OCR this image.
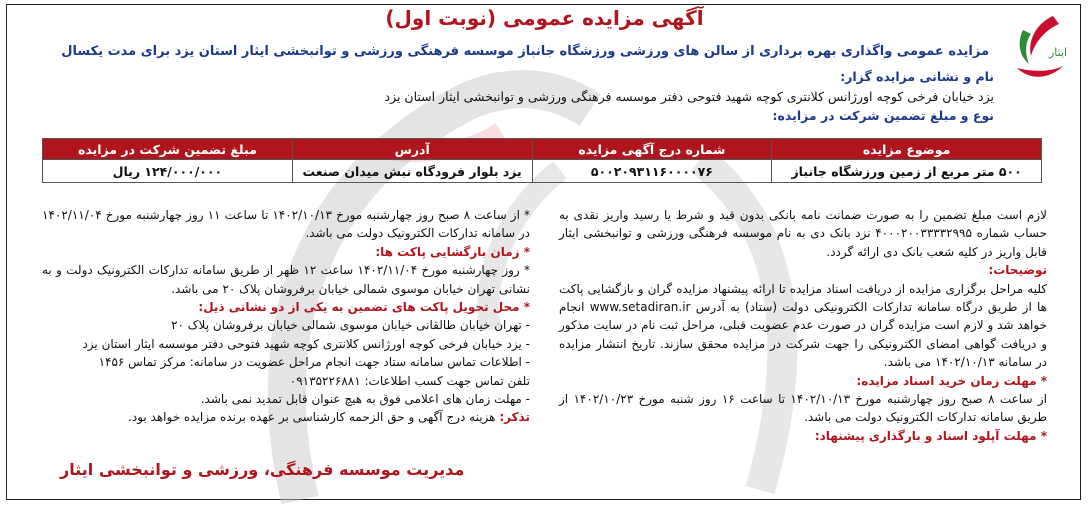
ایثار
آگهی مزایده عمومی (نوبت اول)
مزایده عمومی واگذاری بهره برداری از سالن های ورزشی ورزشگاه جانباز موسسه فرهنگی ورزشی و توانبخشی ایثار استان یزد برای مدت یکسال
نام و نشانی مزایده گزار:
یزد خیابان فرخی کوچه اورژانس کلانتری کوچه شهید فتوحی دفتر موسسه فرهنگی ورزشی و توانبخشی ایثار استان یزد
نوع و مبلغ تضمین شرکت در مزایده:
موضوع مزایده	شماره درج آگهی مزایده	آدرس	مبلغ تضمین شرکت در مزایده
۵۰۰ متر مربع از زمین ورزشگاه جانباز	۵۰۰۲۰۹۳۱۱۶۰۰۰۰۷۶	یزد بلوار فرودگاه نبش میدان صنعت	۱۲۴/۰۰۰/۰۰۰ ریال

لازم است مبلغ تضمین را به صورت ضمانت نامه بانکی بدون قید و شرط یا رسید واریز نقدی به حساب شماره ۴۰۰۰۲۰۰۳۳۳۳۲۹۹۵ نزد بانک دی به نام موسسه فرهنگی ورزشی و توانبخشی ایثار قابل واریز در کلیه شعب بانک دی ارائه گردد.

توضیحات:

کلیه مراحل برگزاری مزایده از دریافت اسناد مزایده تا ارائه پیشنهاد مزایده گران و بازگشایی پاکت ها از طریق درگاه سامانه تدارکات الکترونیکی دولت (ستاد) به آدرس www.setadiran.ir انجام خواهد شد و لازم است مزایده گران در صورت عدم عضویت قبلی، مراحل ثبت نام در سایت مذکور و دریافت گواهی امضای الکترونیکی را جهت شرکت در مزایده محقق سازند. تاریخ انتشار مزایده در سامانه ۱۴۰۲/۱۰/۱۳ می باشد.

* مهلت زمان خرید اسناد مزایده:

از ساعت ۸ صبح روز چهارشنبه مورخ ۱۴۰۲/۱۰/۱۳ تا ساعت ۱۶ روز شنبه مورخ ۱۴۰۲/۱۰/۲۳ از طریق سامانه تدارکات الکترونیک دولت می باشد.

* مهلت آپلود اسناد و بارگذاری پیشنهاد:

* از ساعت ۸ صبح روز چهارشنبه مورخ ۱۴۰۲/۱۰/۱۳ تا ساعت ۱۱ روز چهارشنبه مورخ ۱۴۰۲/۱۱/۰۴ در سامانه تدارکات الکترونیک دولت می باشد.

* زمان بازگشایی پاکت ها:

* روز چهارشنبه مورخ ۱۴۰۲/۱۱/۰۴ ساعت ۱۲ ظهر از طریق سامانه تدارکات الکترونیک دولت و به نشانی تهران خیابان موسوی شمالی خیابان برفروشان پلاک ۲۰ می باشد.

* محل تحویل پاکت های تضمین به یکی از دو نشانی ذیل:

- تهران خیابان طالقانی خیابان موسوی شمالی خیابان برفروشان پلاک ۲۰

- یزد خیابان فرخی کوچه اورژانس کلانتری کوچه شهید فتوحی دفتر موسسه ایثار استان یزد

- اطلاعات تماس سامانه ستاد جهت انجام مراحل عضویت در سامانه: مرکز تماس ۱۴۵۶

تلفن تماس جهت کسب اطلاعات: ۰۹۱۳۵۲۲۶۸۸۱

- مهلت زمان های اعلامی فوق به هیچ عنوان قابل تمدید نمی باشد.

تذکر: هزینه درج آگهی و حق الزحمه کارشناسی بر عهده برنده مزایده خواهد بود.

مدیریت موسسه فرهنگی، ورزشی و توانبخشی ایثار
